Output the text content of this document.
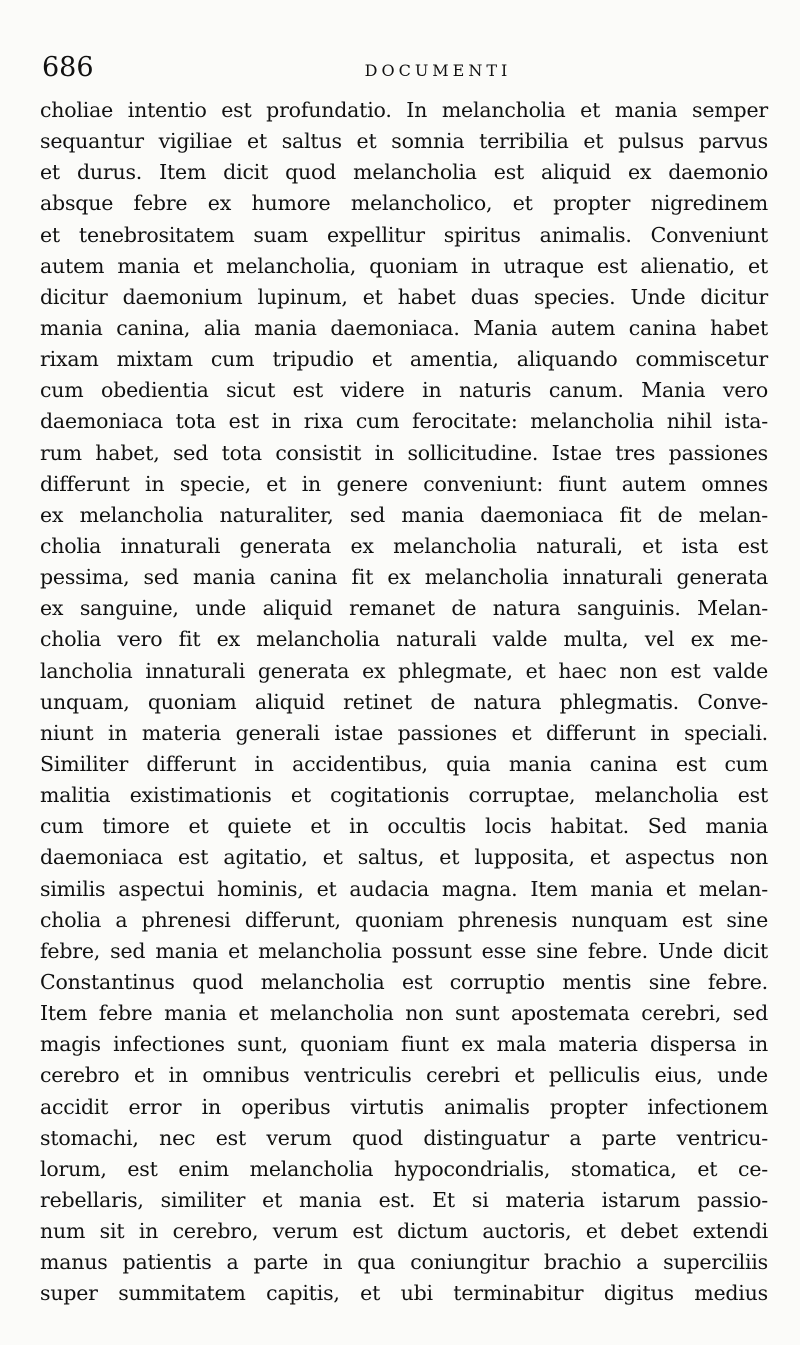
686	DOCUMENTI
choliae intentio est profundatio. In melancholia et mania semper
sequantur vigiliae et saltus et somnia terribilia et pulsus parvus
et durus. Item dicit quod melancholia est aliquid ex daemonio
absque febre ex humore melancholico, et propter nigredinem
et tenebrositatem suam expellitur spiritus animalis. Conveniunt
autem mania et melancholia, quoniam in utraque est alienatio, et
dicitur daemonium lupinum, et habet duas species. Unde dicitur
mania canina, alia mania daemoniaca. Mania autem canina habet
rixam mixtam cum tripudio et amentia, aliquando commiscetur
cum obedientia sicut est videre in naturis canum. Mania vero
daemoniaca tota est in rixa cum ferocitate: melancholia nihil ista-
rum habet, sed tota consistit in sollicitudine. Istae tres passiones
differunt in specie, et in genere conveniunt: fiunt autem omnes
ex melancholia naturaliter, sed mania daemoniaca fit de melan-
cholia innaturali generata ex melancholia naturali, et ista est
pessima, sed mania canina fit ex melancholia innaturali generata
ex sanguine, unde aliquid remanet de natura sanguinis. Melan-
cholia vero fit ex melancholia naturali valde multa, vel ex me-
lancholia innaturali generata ex phlegmate, et haec non est valde
unquam, quoniam aliquid retinet de natura phlegmatis. Conve-
niunt in materia generali istae passiones et differunt in speciali.
Similiter differunt in accidentibus, quia mania canina est cum
malitia existimationis et cogitationis corruptae, melancholia est
cum timore et quiete et in occultis locis habitat. Sed mania
daemoniaca est agitatio, et saltus, et lupposita, et aspectus non
similis aspectui hominis, et audacia magna. Item mania et melan-
cholia a phrenesi differunt, quoniam phrenesis nunquam est sine
febre, sed mania et melancholia possunt esse sine febre. Unde dicit
Constantinus quod melancholia est corruptio mentis sine febre.
Item febre mania et melancholia non sunt apostemata cerebri, sed
magis infectiones sunt, quoniam fiunt ex mala materia dispersa in
cerebro et in omnibus ventriculis cerebri et pelliculis eius, unde
accidit error in operibus virtutis animalis propter infectionem
stomachi, nec est verum quod distinguatur a parte ventricu-
lorum, est enim melancholia hypocondrialis, stomatica, et ce-
rebellaris, similiter et mania est. Et si materia istarum passio-
num sit in cerebro, verum est dictum auctoris, et debet extendi
manus patientis a parte in qua coniungitur brachio a superciliis
super summitatem capitis, et ubi terminabitur digitus medius
